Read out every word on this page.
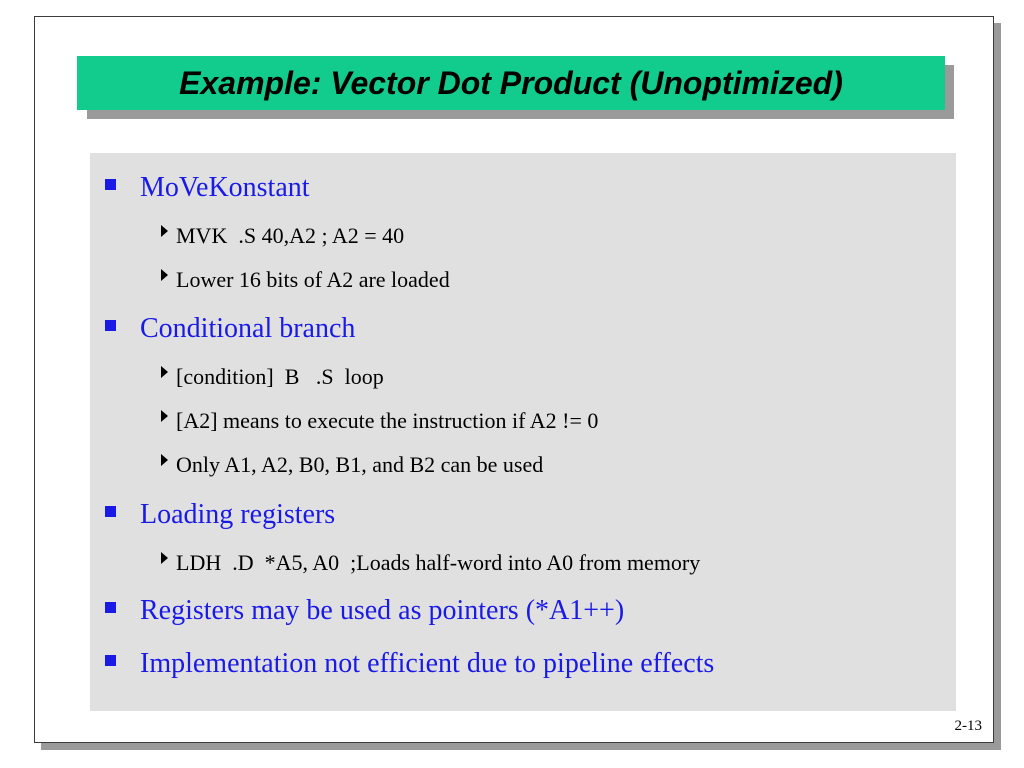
2-13
Example: Vector Dot Product (Unoptimized)
MoVeKonstant
MVK  .S 40,A2 ; A2 = 40
Lower 16 bits of A2 are loaded
Conditional branch
[condition]  B   .S  loop
[A2] means to execute the instruction if A2 != 0
Only A1, A2, B0, B1, and B2 can be used
Loading registers
LDH  .D  *A5, A0  ;Loads half-word into A0 from memory
Registers may be used as pointers (*A1++)
Implementation not efficient due to pipeline effects
